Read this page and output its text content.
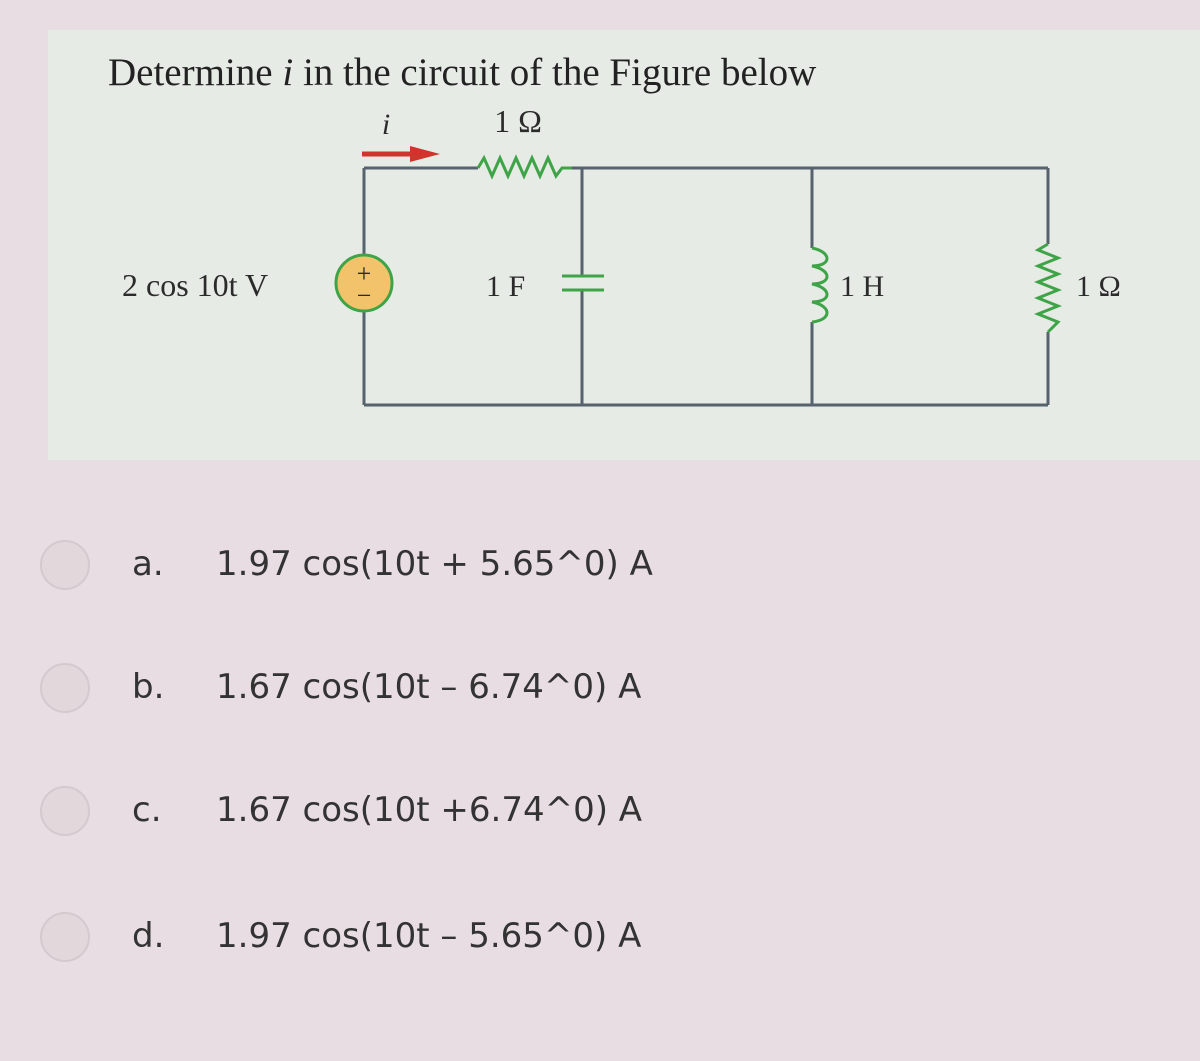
Determine i in the circuit of the Figure below
+
−
i	1 Ω
2 cos 10t V	1 F	1 H	1 Ω
a. 1.97 cos(10t + 5.65^0) A
b. 1.67 cos(10t – 6.74^0) A
c. 1.67 cos(10t +6.74^0) A
d. 1.97 cos(10t – 5.65^0) A
